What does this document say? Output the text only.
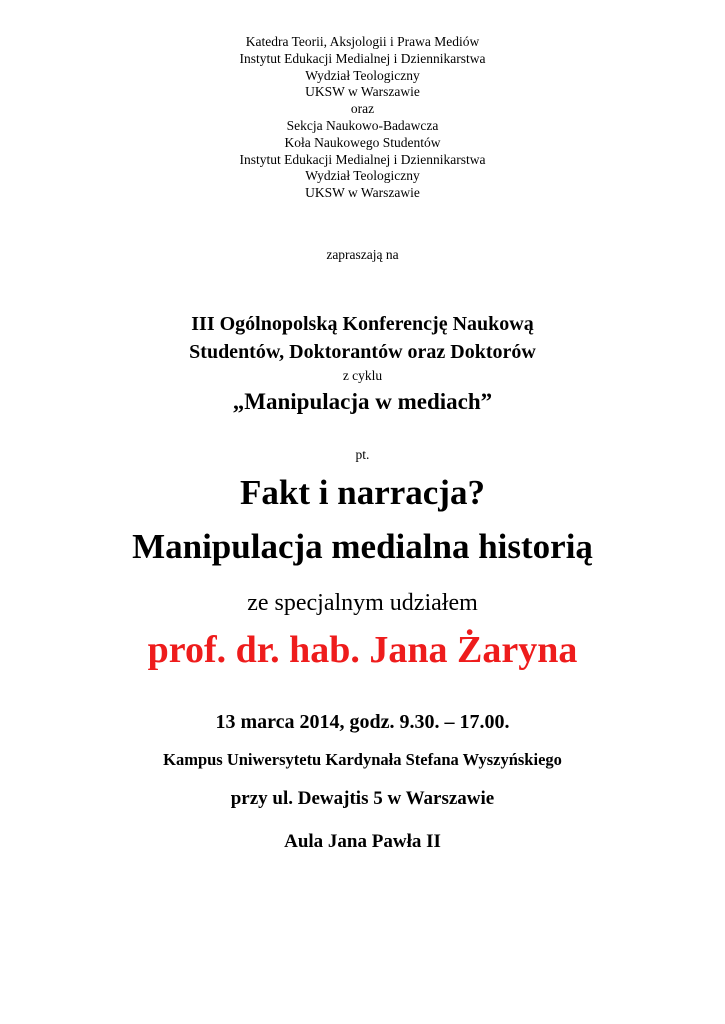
Katedra Teorii, Aksjologii i Prawa Mediów
Instytut Edukacji Medialnej i Dziennikarstwa
Wydział Teologiczny
UKSW w Warszawie
oraz
Sekcja Naukowo-Badawcza
Koła Naukowego Studentów
Instytut Edukacji Medialnej i Dziennikarstwa
Wydział Teologiczny
UKSW w Warszawie
zapraszają na
III Ogólnopolską Konferencję Naukową
Studentów, Doktorantów oraz Doktorów
z cyklu
„Manipulacja w mediach”
pt.
Fakt i narracja?
Manipulacja medialna historią
ze specjalnym udziałem
prof. dr. hab. Jana Żaryna
13 marca 2014, godz. 9.30. – 17.00.
Kampus Uniwersytetu Kardynała Stefana Wyszyńskiego
przy ul. Dewajtis 5 w Warszawie
Aula Jana Pawła II
